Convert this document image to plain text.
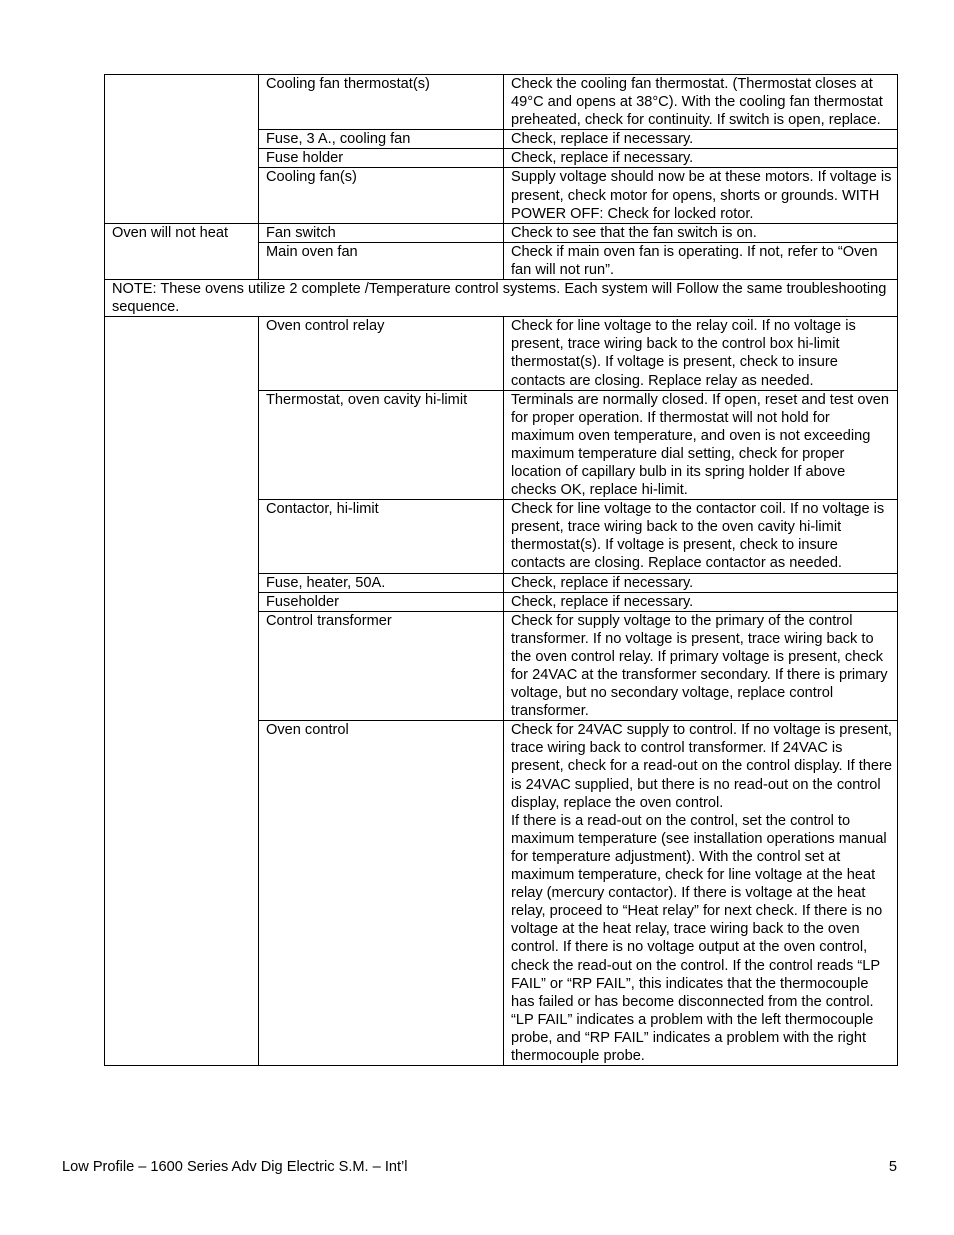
	Cooling fan thermostat(s)	Check the cooling fan thermostat. (Thermostat closes at 49°C and opens at 38°C). With the cooling fan thermostat preheated, check for continuity. If switch is open, replace.
	Fuse, 3 A., cooling fan	Check, replace if necessary.
	Fuse holder	Check, replace if necessary.
	Cooling fan(s)	Supply voltage should now be at these motors. If voltage is present, check motor for opens, shorts or grounds. WITH POWER OFF: Check for locked rotor.
Oven will not heat	Fan switch	Check to see that the fan switch is on.
	Main oven fan	Check if main oven fan is operating. If not, refer to “Oven fan will not run”.
NOTE: These ovens utilize 2 complete /Temperature control systems. Each system will Follow the same troubleshooting sequence.		
	Oven control relay	Check for line voltage to the relay coil. If no voltage is present, trace wiring back to the control box hi-limit thermostat(s). If voltage is present, check to insure contacts are closing. Replace relay as needed.
	Thermostat, oven cavity hi-limit	Terminals are normally closed. If open, reset and test oven for proper operation. If thermostat will not hold for maximum oven temperature, and oven is not exceeding maximum temperature dial setting, check for proper location of capillary bulb in its spring holder If above checks OK, replace hi-limit.
	Contactor, hi-limit	Check for line voltage to the contactor coil. If no voltage is present, trace wiring back to the oven cavity hi-limit thermostat(s). If voltage is present, check to insure contacts are closing. Replace contactor as needed.
	Fuse, heater, 50A.	Check, replace if necessary.
	Fuseholder	Check, replace if necessary.
	Control transformer	Check for supply voltage to the primary of the control transformer. If no voltage is present, trace wiring back to the oven control relay. If primary voltage is present, check for 24VAC at the transformer secondary. If there is primary voltage, but no secondary voltage, replace control transformer.
	Oven control	Check for 24VAC supply to control. If no voltage is present, trace wiring back to control transformer. If 24VAC is present, check for a read-out on the control display. If there is 24VAC supplied, but there is no read-out on the control display, replace the oven control.
If there is a read-out on the control, set the control to maximum temperature (see installation operations manual for temperature adjustment). With the control set at maximum temperature, check for line voltage at the heat relay (mercury contactor). If there is voltage at the heat relay, proceed to “Heat relay” for next check. If there is no voltage at the heat relay, trace wiring back to the oven control. If there is no voltage output at the oven control, check the read-out on the control. If the control reads “LP FAIL” or “RP FAIL”, this indicates that the thermocouple has failed or has become disconnected from the control. “LP FAIL” indicates a problem with the left thermocouple probe, and “RP FAIL” indicates a problem with the right thermocouple probe.
Low Profile – 1600 Series Adv Dig Electric S.M. – Int’l	5
